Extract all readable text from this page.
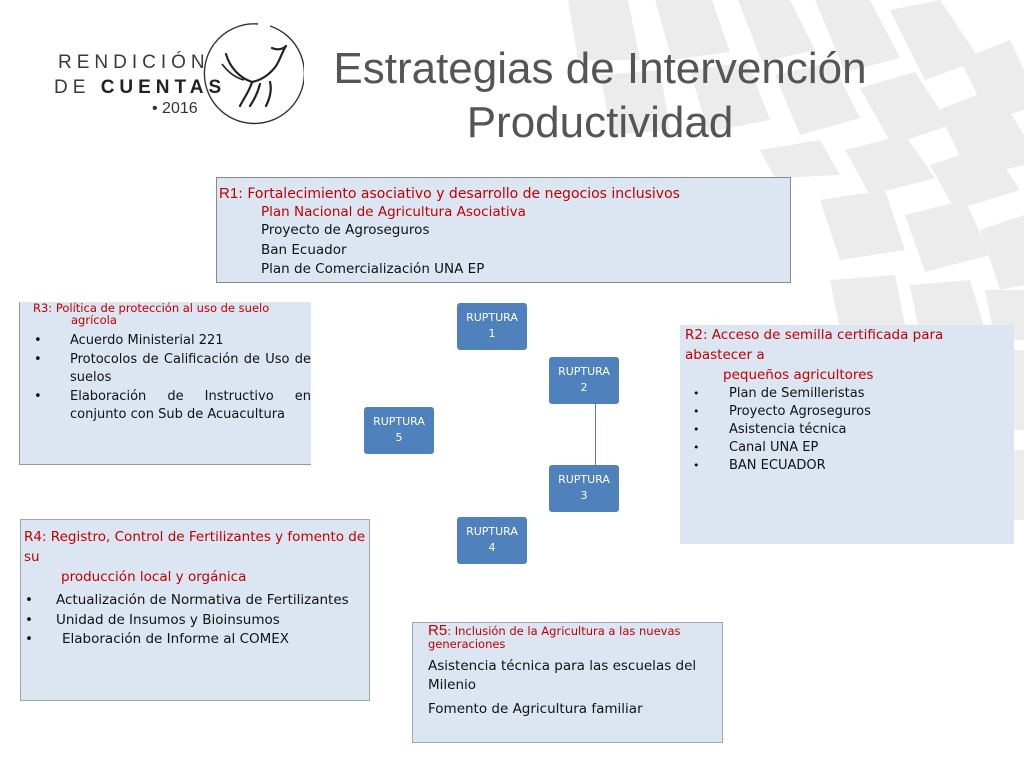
RENDICIÓN
DE CUENTAS
• 2016
Estrategias de Intervención
Productividad
R1: Fortalecimiento asociativo y desarrollo de negocios inclusivos
Plan Nacional de Agricultura Asociativa
Proyecto de Agroseguros
Ban Ecuador
Plan de Comercialización UNA EP
R3: Política de protección al uso de suelo
agrícola
• Acuerdo Ministerial 221
• Protocolos de Calificación de Uso de suelos
• Elaboración de Instructivo en conjunto con Sub de Acuacultura
R2: Acceso de semilla certificada para abastecer a
pequeños agricultores
• Plan de Semilleristas
• Proyecto Agroseguros
• Asistencia técnica
• Canal UNA EP
• BAN ECUADOR
R4: Registro, Control de Fertilizantes y fomento de su
producción local y orgánica
• Actualización de Normativa de Fertilizantes
• Unidad de Insumos y Bioinsumos
• Elaboración de Informe al COMEX	R5: Inclusión de la Agricultura a las nuevas generaciones
Asistencia técnica para las escuelas del Milenio
Fomento de Agricultura familiar
RUPTURA
1
RUPTURA
2
RUPTURA
3
RUPTURA
4
RUPTURA
5
